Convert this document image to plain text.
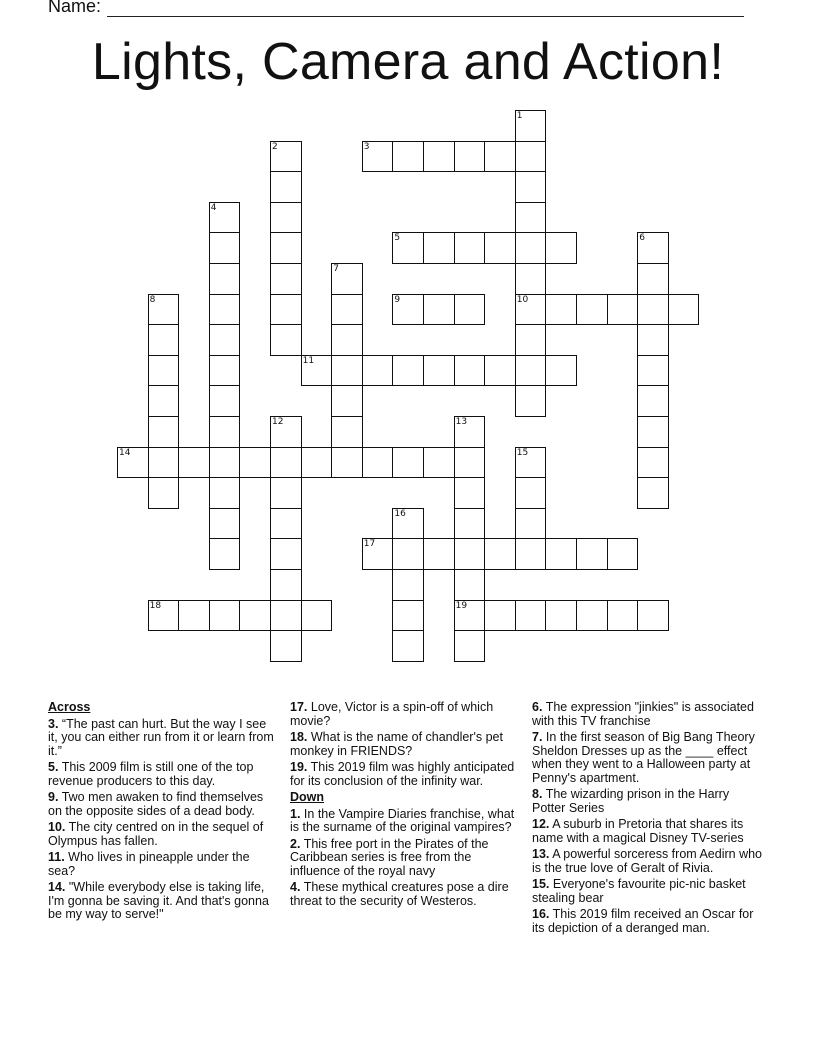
Name:
Lights, Camera and Action!
3
5
9	10
11
14
17
18	19
1
2
4
6
7
8
12	13
15
16
Across
3. “The past can hurt. But the way I see it, you can either run from it or learn from it.”
5. This 2009 film is still one of the top revenue producers to this day.
9. Two men awaken to find themselves on the opposite sides of a dead body.
10. The city centred on in the sequel of Olympus has fallen.
11. Who lives in pineapple under the sea?
14. "While everybody else is taking life, I'm gonna be saving it. And that's gonna be my way to serve!"
17. Love, Victor is a spin-off of which movie?
18. What is the name of chandler's pet monkey in FRIENDS?
19. This 2019 film was highly anticipated for its conclusion of the infinity war.
Down
1. In the Vampire Diaries franchise, what is the surname of the original vampires?
2. This free port in the Pirates of the Caribbean series is free from the influence of the royal navy
4. These mythical creatures pose a dire threat to the security of Westeros.
6. The expression "jinkies" is associated with this TV franchise
7. In the first season of Big Bang Theory Sheldon Dresses up as the ____ effect when they went to a Halloween party at Penny's apartment.
8. The wizarding prison in the Harry Potter Series
12. A suburb in Pretoria that shares its name with a magical Disney TV-series
13. A powerful sorceress from Aedirn who is the true love of Geralt of Rivia.
15. Everyone's favourite pic-nic basket stealing bear
16. This 2019 film received an Oscar for its depiction of a deranged man.
